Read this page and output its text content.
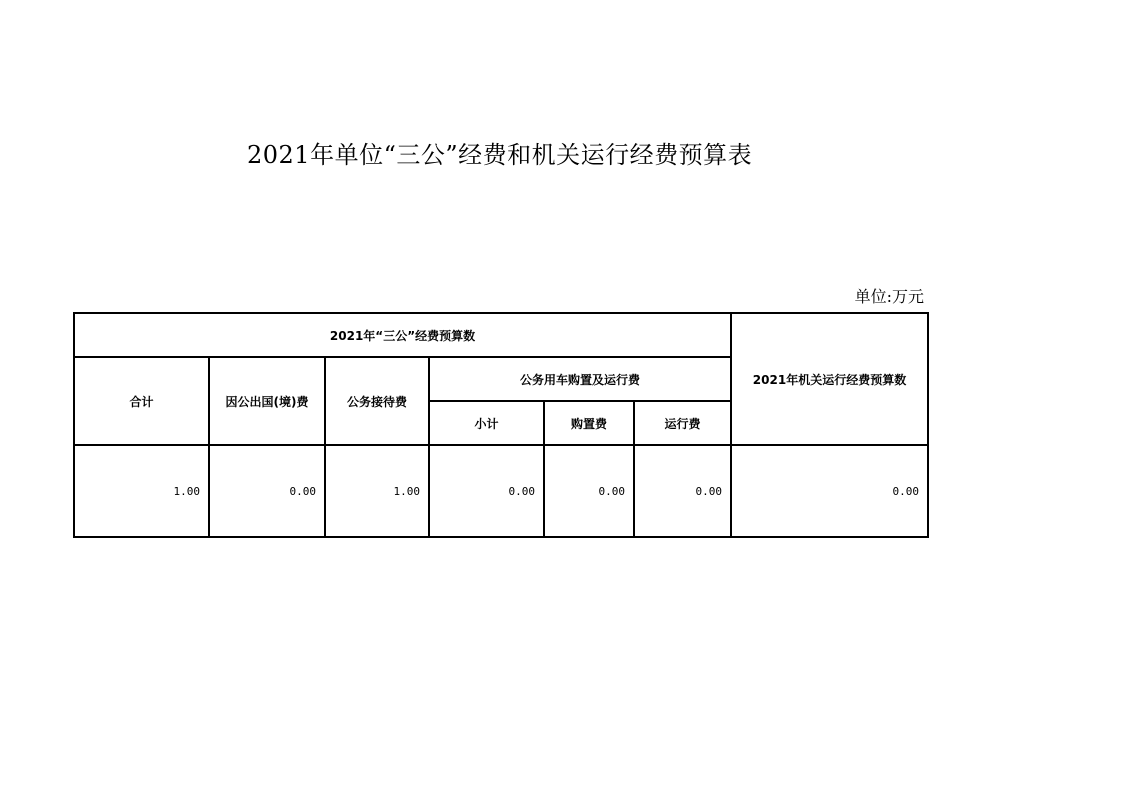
2021年单位“三公”经费和机关运行经费预算表
单位:万元
2021年“三公”经费预算数						2021年机关运行经费预算数
合计	因公出国(境)费	公务接待费	公务用车购置及运行费			
			小计	购置费	运行费	
1.00	0.00	1.00	0.00	0.00	0.00	0.00
